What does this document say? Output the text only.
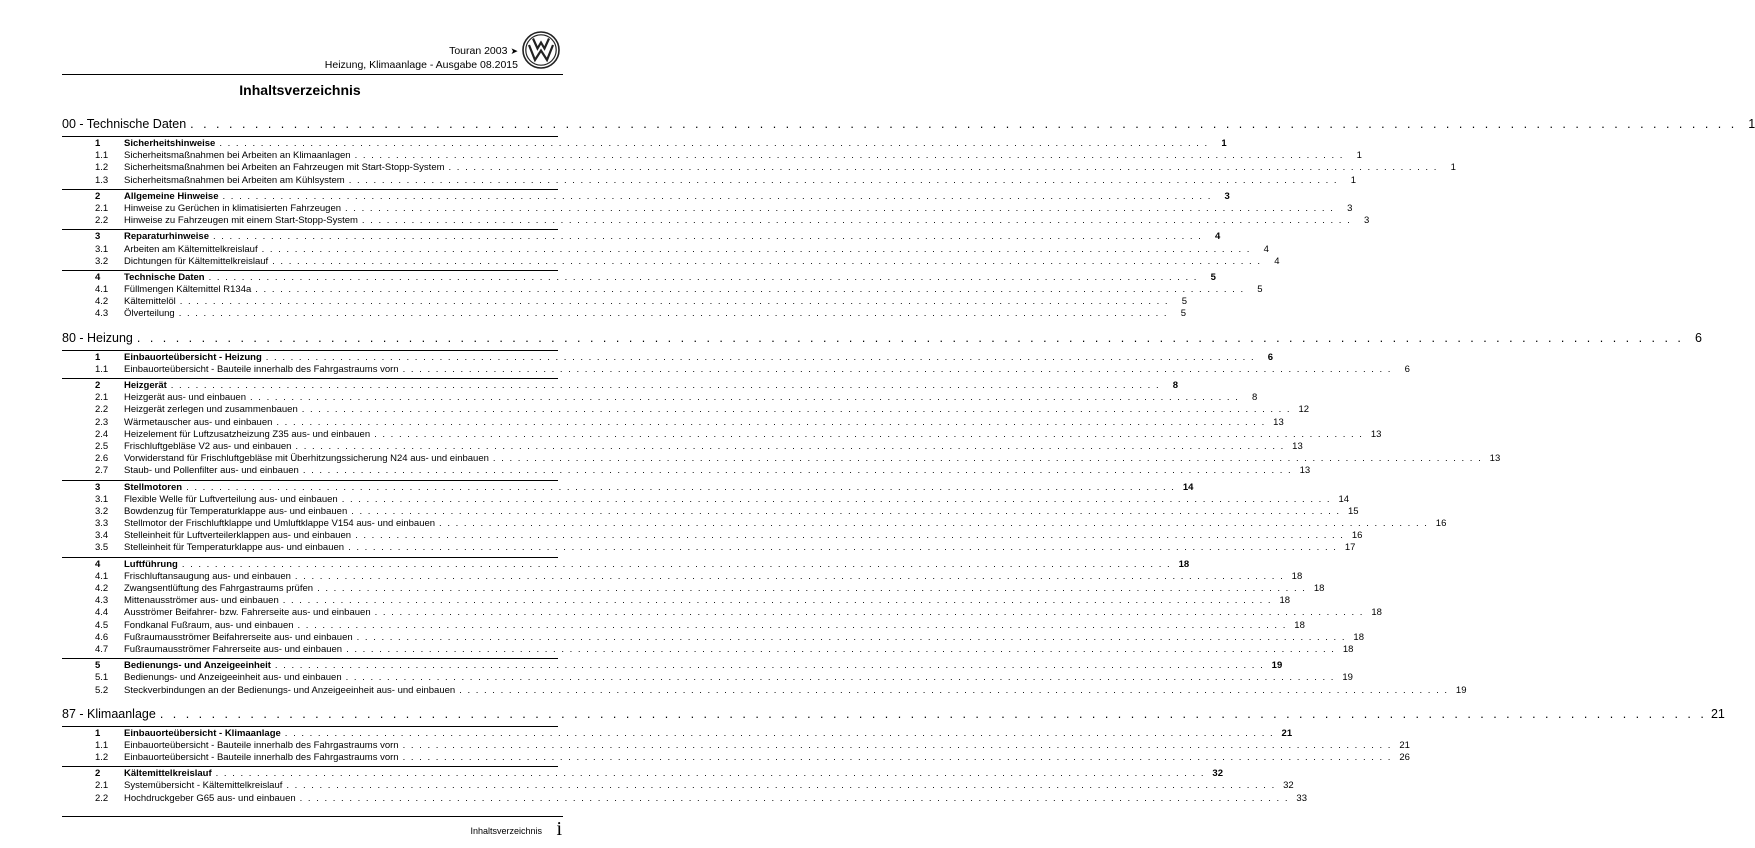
Touran 2003 ➤
Heizung, Klimaanlage - Ausgabe 08.2015
Inhaltsverzeichnis
00 - Technische Daten . . . . . . . . . . . . . . . . . . . . . . . . . . . . . . . . . . . . . . . . . . . . . . . . . . . . . . . . . . . . . . . . . . . . . . . . . . . . . . . . . . . . . . . . . . . . . . . . . . . . . . . . . . . . . . . . . . . . . . . . 1
1	Sicherheitshinweise . . . . . . . . . . . . . . . . . . . . . . . . . . . . . . . . . . . . . . . . . . . . . . . . . . . . . . . . . . . . . . . . . . . . . . . . . . . . . . . . . . . . . . . . . . . . . . . . . . . . . . . . . . . . . . . . . . . . . . . .	1
1.1	Sicherheitsmaßnahmen bei Arbeiten an Klimaanlagen . . . . . . . . . . . . . . . . . . . . . . . . . . . . . . . . . . . . . . . . . . . . . . . . . . . . . . . . . . . . . . . . . . . . . . . . . . . . . . . . . . . . . . . . . . . . . . . . . . . . . . . . . . . . . . . . . . . . . . . .	1
1.2	Sicherheitsmaßnahmen bei Arbeiten an Fahrzeugen mit Start-Stopp-System . . . . . . . . . . . . . . . . . . . . . . . . . . . . . . . . . . . . . . . . . . . . . . . . . . . . . . . . . . . . . . . . . . . . . . . . . . . . . . . . . . . . . . . . . . . . . . . . . . . . . . . . . . . . . . . . . . . . . . . .	1
1.3	Sicherheitsmaßnahmen bei Arbeiten am Kühlsystem . . . . . . . . . . . . . . . . . . . . . . . . . . . . . . . . . . . . . . . . . . . . . . . . . . . . . . . . . . . . . . . . . . . . . . . . . . . . . . . . . . . . . . . . . . . . . . . . . . . . . . . . . . . . . . . . . . . . . . . .	1
2	Allgemeine Hinweise . . . . . . . . . . . . . . . . . . . . . . . . . . . . . . . . . . . . . . . . . . . . . . . . . . . . . . . . . . . . . . . . . . . . . . . . . . . . . . . . . . . . . . . . . . . . . . . . . . . . . . . . . . . . . . . . . . . . . . . .	3
2.1	Hinweise zu Gerüchen in klimatisierten Fahrzeugen . . . . . . . . . . . . . . . . . . . . . . . . . . . . . . . . . . . . . . . . . . . . . . . . . . . . . . . . . . . . . . . . . . . . . . . . . . . . . . . . . . . . . . . . . . . . . . . . . . . . . . . . . . . . . . . . . . . . . . . .	3
2.2	Hinweise zu Fahrzeugen mit einem Start-Stopp-System . . . . . . . . . . . . . . . . . . . . . . . . . . . . . . . . . . . . . . . . . . . . . . . . . . . . . . . . . . . . . . . . . . . . . . . . . . . . . . . . . . . . . . . . . . . . . . . . . . . . . . . . . . . . . . . . . . . . . . . .	3
3	Reparaturhinweise . . . . . . . . . . . . . . . . . . . . . . . . . . . . . . . . . . . . . . . . . . . . . . . . . . . . . . . . . . . . . . . . . . . . . . . . . . . . . . . . . . . . . . . . . . . . . . . . . . . . . . . . . . . . . . . . . . . . . . . .	4
3.1	Arbeiten am Kältemittelkreislauf . . . . . . . . . . . . . . . . . . . . . . . . . . . . . . . . . . . . . . . . . . . . . . . . . . . . . . . . . . . . . . . . . . . . . . . . . . . . . . . . . . . . . . . . . . . . . . . . . . . . . . . . . . . . . . . . . . . . . . . .	4
3.2	Dichtungen für Kältemittelkreislauf . . . . . . . . . . . . . . . . . . . . . . . . . . . . . . . . . . . . . . . . . . . . . . . . . . . . . . . . . . . . . . . . . . . . . . . . . . . . . . . . . . . . . . . . . . . . . . . . . . . . . . . . . . . . . . . . . . . . . . . .	4
4	Technische Daten . . . . . . . . . . . . . . . . . . . . . . . . . . . . . . . . . . . . . . . . . . . . . . . . . . . . . . . . . . . . . . . . . . . . . . . . . . . . . . . . . . . . . . . . . . . . . . . . . . . . . . . . . . . . . . . . . . . . . . . .	5
4.1	Füllmengen Kältemittel R134a . . . . . . . . . . . . . . . . . . . . . . . . . . . . . . . . . . . . . . . . . . . . . . . . . . . . . . . . . . . . . . . . . . . . . . . . . . . . . . . . . . . . . . . . . . . . . . . . . . . . . . . . . . . . . . . . . . . . . . . .	5
4.2	Kältemittelöl . . . . . . . . . . . . . . . . . . . . . . . . . . . . . . . . . . . . . . . . . . . . . . . . . . . . . . . . . . . . . . . . . . . . . . . . . . . . . . . . . . . . . . . . . . . . . . . . . . . . . . . . . . . . . . . . . . . . . . . .	5
4.3	Ölverteilung . . . . . . . . . . . . . . . . . . . . . . . . . . . . . . . . . . . . . . . . . . . . . . . . . . . . . . . . . . . . . . . . . . . . . . . . . . . . . . . . . . . . . . . . . . . . . . . . . . . . . . . . . . . . . . . . . . . . . . . .	5
80 - Heizung . . . . . . . . . . . . . . . . . . . . . . . . . . . . . . . . . . . . . . . . . . . . . . . . . . . . . . . . . . . . . . . . . . . . . . . . . . . . . . . . . . . . . . . . . . . . . . . . . . . . . . . . . . . . . . . . . . . . . . . . 6
1	Einbauorteübersicht - Heizung . . . . . . . . . . . . . . . . . . . . . . . . . . . . . . . . . . . . . . . . . . . . . . . . . . . . . . . . . . . . . . . . . . . . . . . . . . . . . . . . . . . . . . . . . . . . . . . . . . . . . . . . . . . . . . . . . . . . . . . .	6
1.1	Einbauorteübersicht - Bauteile innerhalb des Fahrgastraums vorn . . . . . . . . . . . . . . . . . . . . . . . . . . . . . . . . . . . . . . . . . . . . . . . . . . . . . . . . . . . . . . . . . . . . . . . . . . . . . . . . . . . . . . . . . . . . . . . . . . . . . . . . . . . . . . . . . . . . . . . .	6
2	Heizgerät . . . . . . . . . . . . . . . . . . . . . . . . . . . . . . . . . . . . . . . . . . . . . . . . . . . . . . . . . . . . . . . . . . . . . . . . . . . . . . . . . . . . . . . . . . . . . . . . . . . . . . . . . . . . . . . . . . . . . . . .	8
2.1	Heizgerät aus- und einbauen . . . . . . . . . . . . . . . . . . . . . . . . . . . . . . . . . . . . . . . . . . . . . . . . . . . . . . . . . . . . . . . . . . . . . . . . . . . . . . . . . . . . . . . . . . . . . . . . . . . . . . . . . . . . . . . . . . . . . . . .	8
2.2	Heizgerät zerlegen und zusammenbauen . . . . . . . . . . . . . . . . . . . . . . . . . . . . . . . . . . . . . . . . . . . . . . . . . . . . . . . . . . . . . . . . . . . . . . . . . . . . . . . . . . . . . . . . . . . . . . . . . . . . . . . . . . . . . . . . . . . . . . . . 12
2.3	Wärmetauscher aus- und einbauen . . . . . . . . . . . . . . . . . . . . . . . . . . . . . . . . . . . . . . . . . . . . . . . . . . . . . . . . . . . . . . . . . . . . . . . . . . . . . . . . . . . . . . . . . . . . . . . . . . . . . . . . . . . . . . . . . . . . . . . . 13
2.4	Heizelement für Luftzusatzheizung Z35 aus- und einbauen . . . . . . . . . . . . . . . . . . . . . . . . . . . . . . . . . . . . . . . . . . . . . . . . . . . . . . . . . . . . . . . . . . . . . . . . . . . . . . . . . . . . . . . . . . . . . . . . . . . . . . . . . . . . . . . . . . . . . . . . 13
2.5	Frischluftgebläse V2 aus- und einbauen . . . . . . . . . . . . . . . . . . . . . . . . . . . . . . . . . . . . . . . . . . . . . . . . . . . . . . . . . . . . . . . . . . . . . . . . . . . . . . . . . . . . . . . . . . . . . . . . . . . . . . . . . . . . . . . . . . . . . . . . 13
2.6	Vorwiderstand für Frischluftgebläse mit Überhitzungssicherung N24 aus- und einbauen . . . . . . . . . . . . . . . . . . . . . . . . . . . . . . . . . . . . . . . . . . . . . . . . . . . . . . . . . . . . . . . . . . . . . . . . . . . . . . . . . . . . . . . . . . . . . . . . . . . . . . . . . . . . . . . . . . . . . . . . 13
2.7	Staub- und Pollenfilter aus- und einbauen . . . . . . . . . . . . . . . . . . . . . . . . . . . . . . . . . . . . . . . . . . . . . . . . . . . . . . . . . . . . . . . . . . . . . . . . . . . . . . . . . . . . . . . . . . . . . . . . . . . . . . . . . . . . . . . . . . . . . . . . 13
3	Stellmotoren . . . . . . . . . . . . . . . . . . . . . . . . . . . . . . . . . . . . . . . . . . . . . . . . . . . . . . . . . . . . . . . . . . . . . . . . . . . . . . . . . . . . . . . . . . . . . . . . . . . . . . . . . . . . . . . . . . . . . . . . 14
3.1	Flexible Welle für Luftverteilung aus- und einbauen . . . . . . . . . . . . . . . . . . . . . . . . . . . . . . . . . . . . . . . . . . . . . . . . . . . . . . . . . . . . . . . . . . . . . . . . . . . . . . . . . . . . . . . . . . . . . . . . . . . . . . . . . . . . . . . . . . . . . . . . 14
3.2	Bowdenzug für Temperaturklappe aus- und einbauen . . . . . . . . . . . . . . . . . . . . . . . . . . . . . . . . . . . . . . . . . . . . . . . . . . . . . . . . . . . . . . . . . . . . . . . . . . . . . . . . . . . . . . . . . . . . . . . . . . . . . . . . . . . . . . . . . . . . . . . . 15
3.3	Stellmotor der Frischluftklappe und Umluftklappe V154 aus- und einbauen . . . . . . . . . . . . . . . . . . . . . . . . . . . . . . . . . . . . . . . . . . . . . . . . . . . . . . . . . . . . . . . . . . . . . . . . . . . . . . . . . . . . . . . . . . . . . . . . . . . . . . . . . . . . . . . . . . . . . . . . 16
3.4	Stelleinheit für Luftverteilerklappen aus- und einbauen . . . . . . . . . . . . . . . . . . . . . . . . . . . . . . . . . . . . . . . . . . . . . . . . . . . . . . . . . . . . . . . . . . . . . . . . . . . . . . . . . . . . . . . . . . . . . . . . . . . . . . . . . . . . . . . . . . . . . . . . 16
3.5	Stelleinheit für Temperaturklappe aus- und einbauen . . . . . . . . . . . . . . . . . . . . . . . . . . . . . . . . . . . . . . . . . . . . . . . . . . . . . . . . . . . . . . . . . . . . . . . . . . . . . . . . . . . . . . . . . . . . . . . . . . . . . . . . . . . . . . . . . . . . . . . . 17
4	Luftführung . . . . . . . . . . . . . . . . . . . . . . . . . . . . . . . . . . . . . . . . . . . . . . . . . . . . . . . . . . . . . . . . . . . . . . . . . . . . . . . . . . . . . . . . . . . . . . . . . . . . . . . . . . . . . . . . . . . . . . . . 18
4.1	Frischluftansaugung aus- und einbauen . . . . . . . . . . . . . . . . . . . . . . . . . . . . . . . . . . . . . . . . . . . . . . . . . . . . . . . . . . . . . . . . . . . . . . . . . . . . . . . . . . . . . . . . . . . . . . . . . . . . . . . . . . . . . . . . . . . . . . . . 18
4.2	Zwangsentlüftung des Fahrgastraums prüfen . . . . . . . . . . . . . . . . . . . . . . . . . . . . . . . . . . . . . . . . . . . . . . . . . . . . . . . . . . . . . . . . . . . . . . . . . . . . . . . . . . . . . . . . . . . . . . . . . . . . . . . . . . . . . . . . . . . . . . . . 18
4.3	Mittenausströmer aus- und einbauen . . . . . . . . . . . . . . . . . . . . . . . . . . . . . . . . . . . . . . . . . . . . . . . . . . . . . . . . . . . . . . . . . . . . . . . . . . . . . . . . . . . . . . . . . . . . . . . . . . . . . . . . . . . . . . . . . . . . . . . . 18
4.4	Ausströmer Beifahrer- bzw. Fahrerseite aus- und einbauen . . . . . . . . . . . . . . . . . . . . . . . . . . . . . . . . . . . . . . . . . . . . . . . . . . . . . . . . . . . . . . . . . . . . . . . . . . . . . . . . . . . . . . . . . . . . . . . . . . . . . . . . . . . . . . . . . . . . . . . . 18
4.5	Fondkanal Fußraum, aus- und einbauen . . . . . . . . . . . . . . . . . . . . . . . . . . . . . . . . . . . . . . . . . . . . . . . . . . . . . . . . . . . . . . . . . . . . . . . . . . . . . . . . . . . . . . . . . . . . . . . . . . . . . . . . . . . . . . . . . . . . . . . . 18
4.6	Fußraumausströmer Beifahrerseite aus- und einbauen . . . . . . . . . . . . . . . . . . . . . . . . . . . . . . . . . . . . . . . . . . . . . . . . . . . . . . . . . . . . . . . . . . . . . . . . . . . . . . . . . . . . . . . . . . . . . . . . . . . . . . . . . . . . . . . . . . . . . . . . 18
4.7	Fußraumausströmer Fahrerseite aus- und einbauen . . . . . . . . . . . . . . . . . . . . . . . . . . . . . . . . . . . . . . . . . . . . . . . . . . . . . . . . . . . . . . . . . . . . . . . . . . . . . . . . . . . . . . . . . . . . . . . . . . . . . . . . . . . . . . . . . . . . . . . . 18
5	Bedienungs- und Anzeigeeinheit . . . . . . . . . . . . . . . . . . . . . . . . . . . . . . . . . . . . . . . . . . . . . . . . . . . . . . . . . . . . . . . . . . . . . . . . . . . . . . . . . . . . . . . . . . . . . . . . . . . . . . . . . . . . . . . . . . . . . . . . 19
5.1	Bedienungs- und Anzeigeeinheit aus- und einbauen . . . . . . . . . . . . . . . . . . . . . . . . . . . . . . . . . . . . . . . . . . . . . . . . . . . . . . . . . . . . . . . . . . . . . . . . . . . . . . . . . . . . . . . . . . . . . . . . . . . . . . . . . . . . . . . . . . . . . . . . 19
5.2	Steckverbindungen an der Bedienungs- und Anzeigeeinheit aus- und einbauen . . . . . . . . . . . . . . . . . . . . . . . . . . . . . . . . . . . . . . . . . . . . . . . . . . . . . . . . . . . . . . . . . . . . . . . . . . . . . . . . . . . . . . . . . . . . . . . . . . . . . . . . . . . . . . . . . . . . . . . . 19
87 - Klimaanlage . . . . . . . . . . . . . . . . . . . . . . . . . . . . . . . . . . . . . . . . . . . . . . . . . . . . . . . . . . . . . . . . . . . . . . . . . . . . . . . . . . . . . . . . . . . . . . . . . . . . . . . . . . . . . . . . . . . . . . . . 21
1	Einbauorteübersicht - Klimaanlage . . . . . . . . . . . . . . . . . . . . . . . . . . . . . . . . . . . . . . . . . . . . . . . . . . . . . . . . . . . . . . . . . . . . . . . . . . . . . . . . . . . . . . . . . . . . . . . . . . . . . . . . . . . . . . . . . . . . . . . . 21
1.1	Einbauorteübersicht - Bauteile innerhalb des Fahrgastraums vorn . . . . . . . . . . . . . . . . . . . . . . . . . . . . . . . . . . . . . . . . . . . . . . . . . . . . . . . . . . . . . . . . . . . . . . . . . . . . . . . . . . . . . . . . . . . . . . . . . . . . . . . . . . . . . . . . . . . . . . . . 21
1.2	Einbauorteübersicht - Bauteile innerhalb des Fahrgastraums vorn . . . . . . . . . . . . . . . . . . . . . . . . . . . . . . . . . . . . . . . . . . . . . . . . . . . . . . . . . . . . . . . . . . . . . . . . . . . . . . . . . . . . . . . . . . . . . . . . . . . . . . . . . . . . . . . . . . . . . . . . 26
2	Kältemittelkreislauf . . . . . . . . . . . . . . . . . . . . . . . . . . . . . . . . . . . . . . . . . . . . . . . . . . . . . . . . . . . . . . . . . . . . . . . . . . . . . . . . . . . . . . . . . . . . . . . . . . . . . . . . . . . . . . . . . . . . . . . . 32
2.1	Systemübersicht - Kältemittelkreislauf . . . . . . . . . . . . . . . . . . . . . . . . . . . . . . . . . . . . . . . . . . . . . . . . . . . . . . . . . . . . . . . . . . . . . . . . . . . . . . . . . . . . . . . . . . . . . . . . . . . . . . . . . . . . . . . . . . . . . . . . 32
2.2	Hochdruckgeber G65 aus- und einbauen . . . . . . . . . . . . . . . . . . . . . . . . . . . . . . . . . . . . . . . . . . . . . . . . . . . . . . . . . . . . . . . . . . . . . . . . . . . . . . . . . . . . . . . . . . . . . . . . . . . . . . . . . . . . . . . . . . . . . . . . 33
Inhaltsverzeichnis i
